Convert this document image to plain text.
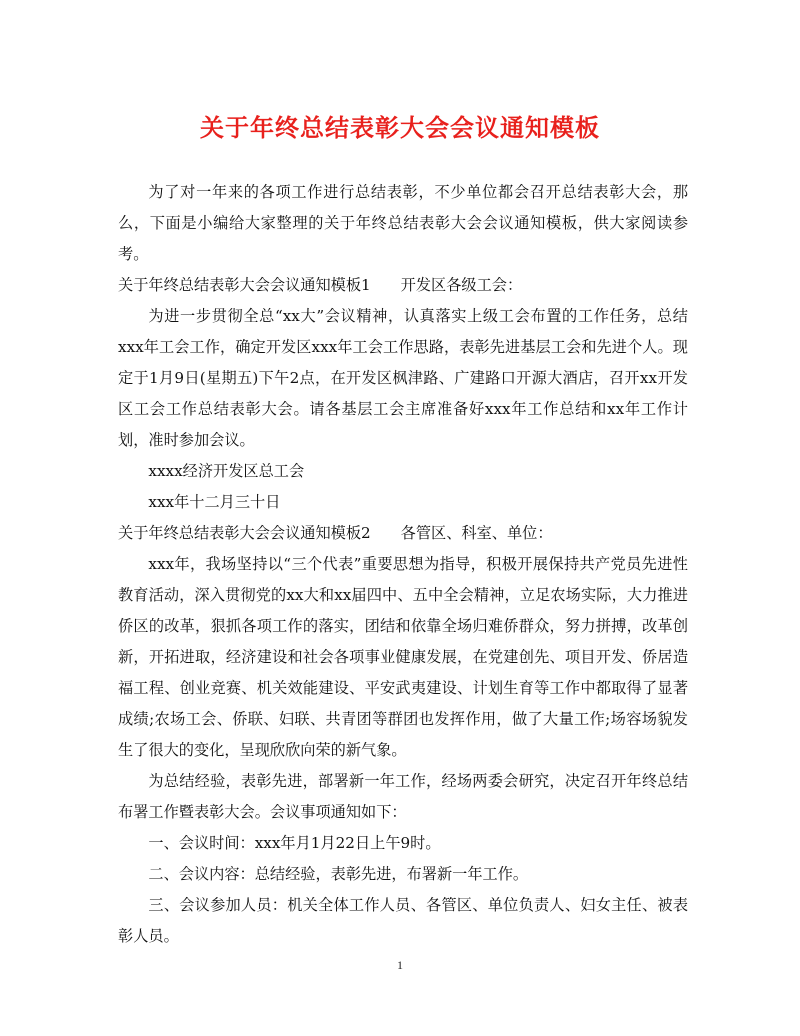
关于年终总结表彰大会会议通知模板

为了对一年来的各项工作进行总结表彰，不少单位都会召开总结表彰大会，那么，下面是小编给大家整理的关于年终总结表彰大会会议通知模板，供大家阅读参考。

关于年终总结表彰大会会议通知模板1 开发区各级工会：

为进一步贯彻全总“xx大”会议精神，认真落实上级工会布置的工作任务，总结xxx年工会工作，确定开发区xxx年工会工作思路，表彰先进基层工会和先进个人。现定于1月9日(星期五)下午2点，在开发区枫津路、广建路口开源大酒店，召开xx开发区工会工作总结表彰大会。请各基层工会主席准备好xxx年工作总结和xx年工作计划，准时参加会议。

xxxx经济开发区总工会

xxx年十二月三十日

关于年终总结表彰大会会议通知模板2 各管区、科室、单位：

xxx年，我场坚持以“三个代表”重要思想为指导，积极开展保持共产党员先进性教育活动，深入贯彻党的xx大和xx届四中、五中全会精神，立足农场实际，大力推进侨区的改革，狠抓各项工作的落实，团结和依靠全场归难侨群众，努力拼搏，改革创新，开拓进取，经济建设和社会各项事业健康发展，在党建创先、项目开发、侨居造福工程、创业竞赛、机关效能建设、平安武夷建设、计划生育等工作中都取得了显著成绩;农场工会、侨联、妇联、共青团等群团也发挥作用，做了大量工作;场容场貌发生了很大的变化，呈现欣欣向荣的新气象。

为总结经验，表彰先进，部署新一年工作，经场两委会研究，决定召开年终总结布署工作暨表彰大会。会议事项通知如下：

一、会议时间：xxx年月1月22日上午9时。

二、会议内容：总结经验，表彰先进，布署新一年工作。

三、会议参加人员：机关全体工作人员、各管区、单位负责人、妇女主任、被表彰人员。

1
